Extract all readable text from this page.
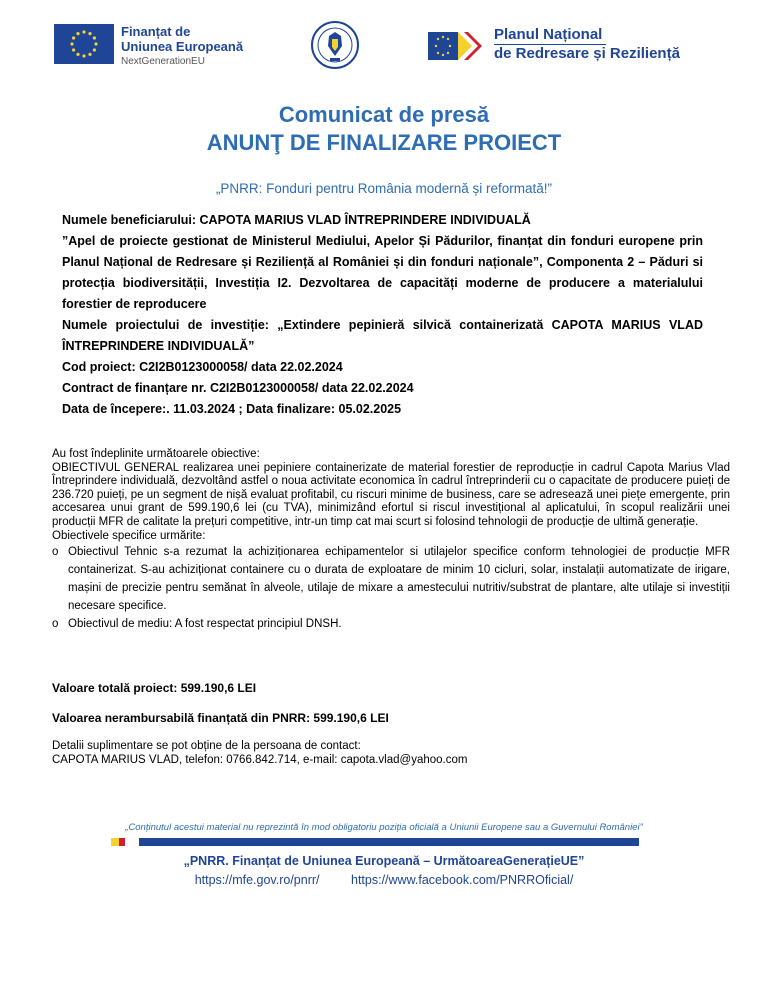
Finanțat de
Uniunea Europeană
NextGenerationEU
Planul Național
de Redresare și Reziliență
Comunicat de presă
ANUNŢ DE FINALIZARE PROIECT
„PNRR: Fonduri pentru România modernă și reformată!”

Numele beneficiarului: CAPOTA MARIUS VLAD ÎNTREPRINDERE INDIVIDUALĂ

”Apel de proiecte gestionat de Ministerul Mediului, Apelor Și Pădurilor, finanțat din fonduri europene prin Planul Național de Redresare și Reziliență al României și din fonduri naționale”, Componenta 2 – Păduri si protecția biodiversității, Investiția I2. Dezvoltarea de capacități moderne de producere a materialului forestier de reproducere

Numele proiectului de investiție: „Extindere pepinieră silvică containerizată CAPOTA MARIUS VLAD ÎNTREPRINDERE INDIVIDUALĂ”

Cod proiect: C2I2B0123000058/ data 22.02.2024

Contract de finanțare nr. C2I2B0123000058/ data 22.02.2024

Data de începere:. 11.03.2024 ; Data finalizare: 05.02.2025

Au fost îndeplinite următoarele obiective:

OBIECTIVUL GENERAL realizarea unei pepiniere containerizate de material forestier de reproducție in cadrul Capota Marius Vlad Întreprindere individuală, dezvoltând astfel o noua activitate economica în cadrul întreprinderii cu o capacitate de producere puieți de 236.720 puieți, pe un segment de nișă evaluat profitabil, cu riscuri minime de business, care se adresează unei piețe emergente, prin accesarea unui grant de 599.190,6 lei (cu TVA), minimizând efortul si riscul investițional al aplicatului, în scopul realizării unei producții MFR de calitate la prețuri competitive, intr-un timp cat mai scurt si folosind tehnologii de producție de ultimă generație.

Obiectivele specifice urmărite:

o Obiectivul Tehnic s-a rezumat la achiziționarea echipamentelor si utilajelor specifice conform tehnologiei de producție MFR containerizat. S-au achiziționat containere cu o durata de exploatare de minim 10 cicluri, solar, instalații automatizate de irigare, mașini de precizie pentru semănat în alveole, utilaje de mixare a amestecului nutritiv/substrat de plantare, alte utilaje si investiții necesare specifice.
o Obiectivul de mediu: A fost respectat principiul DNSH.
Valoare totală proiect: 599.190,6 LEI
Valoarea nerambursabilă finanțată din PNRR: 599.190,6 LEI
Detalii suplimentare se pot obține de la persoana de contact:
CAPOTA MARIUS VLAD, telefon: 0766.842.714, e-mail: capota.vlad@yahoo.com
„Conținutul acestui material nu reprezintă în mod obligatoriu poziția oficială a Uniunii Europene sau a Guvernului României”
„PNRR. Finanțat de Uniunea Europeană – UrmătoareaGenerațieUE”
https://mfe.gov.ro/pnrr/	https://www.facebook.com/PNRROficial/
